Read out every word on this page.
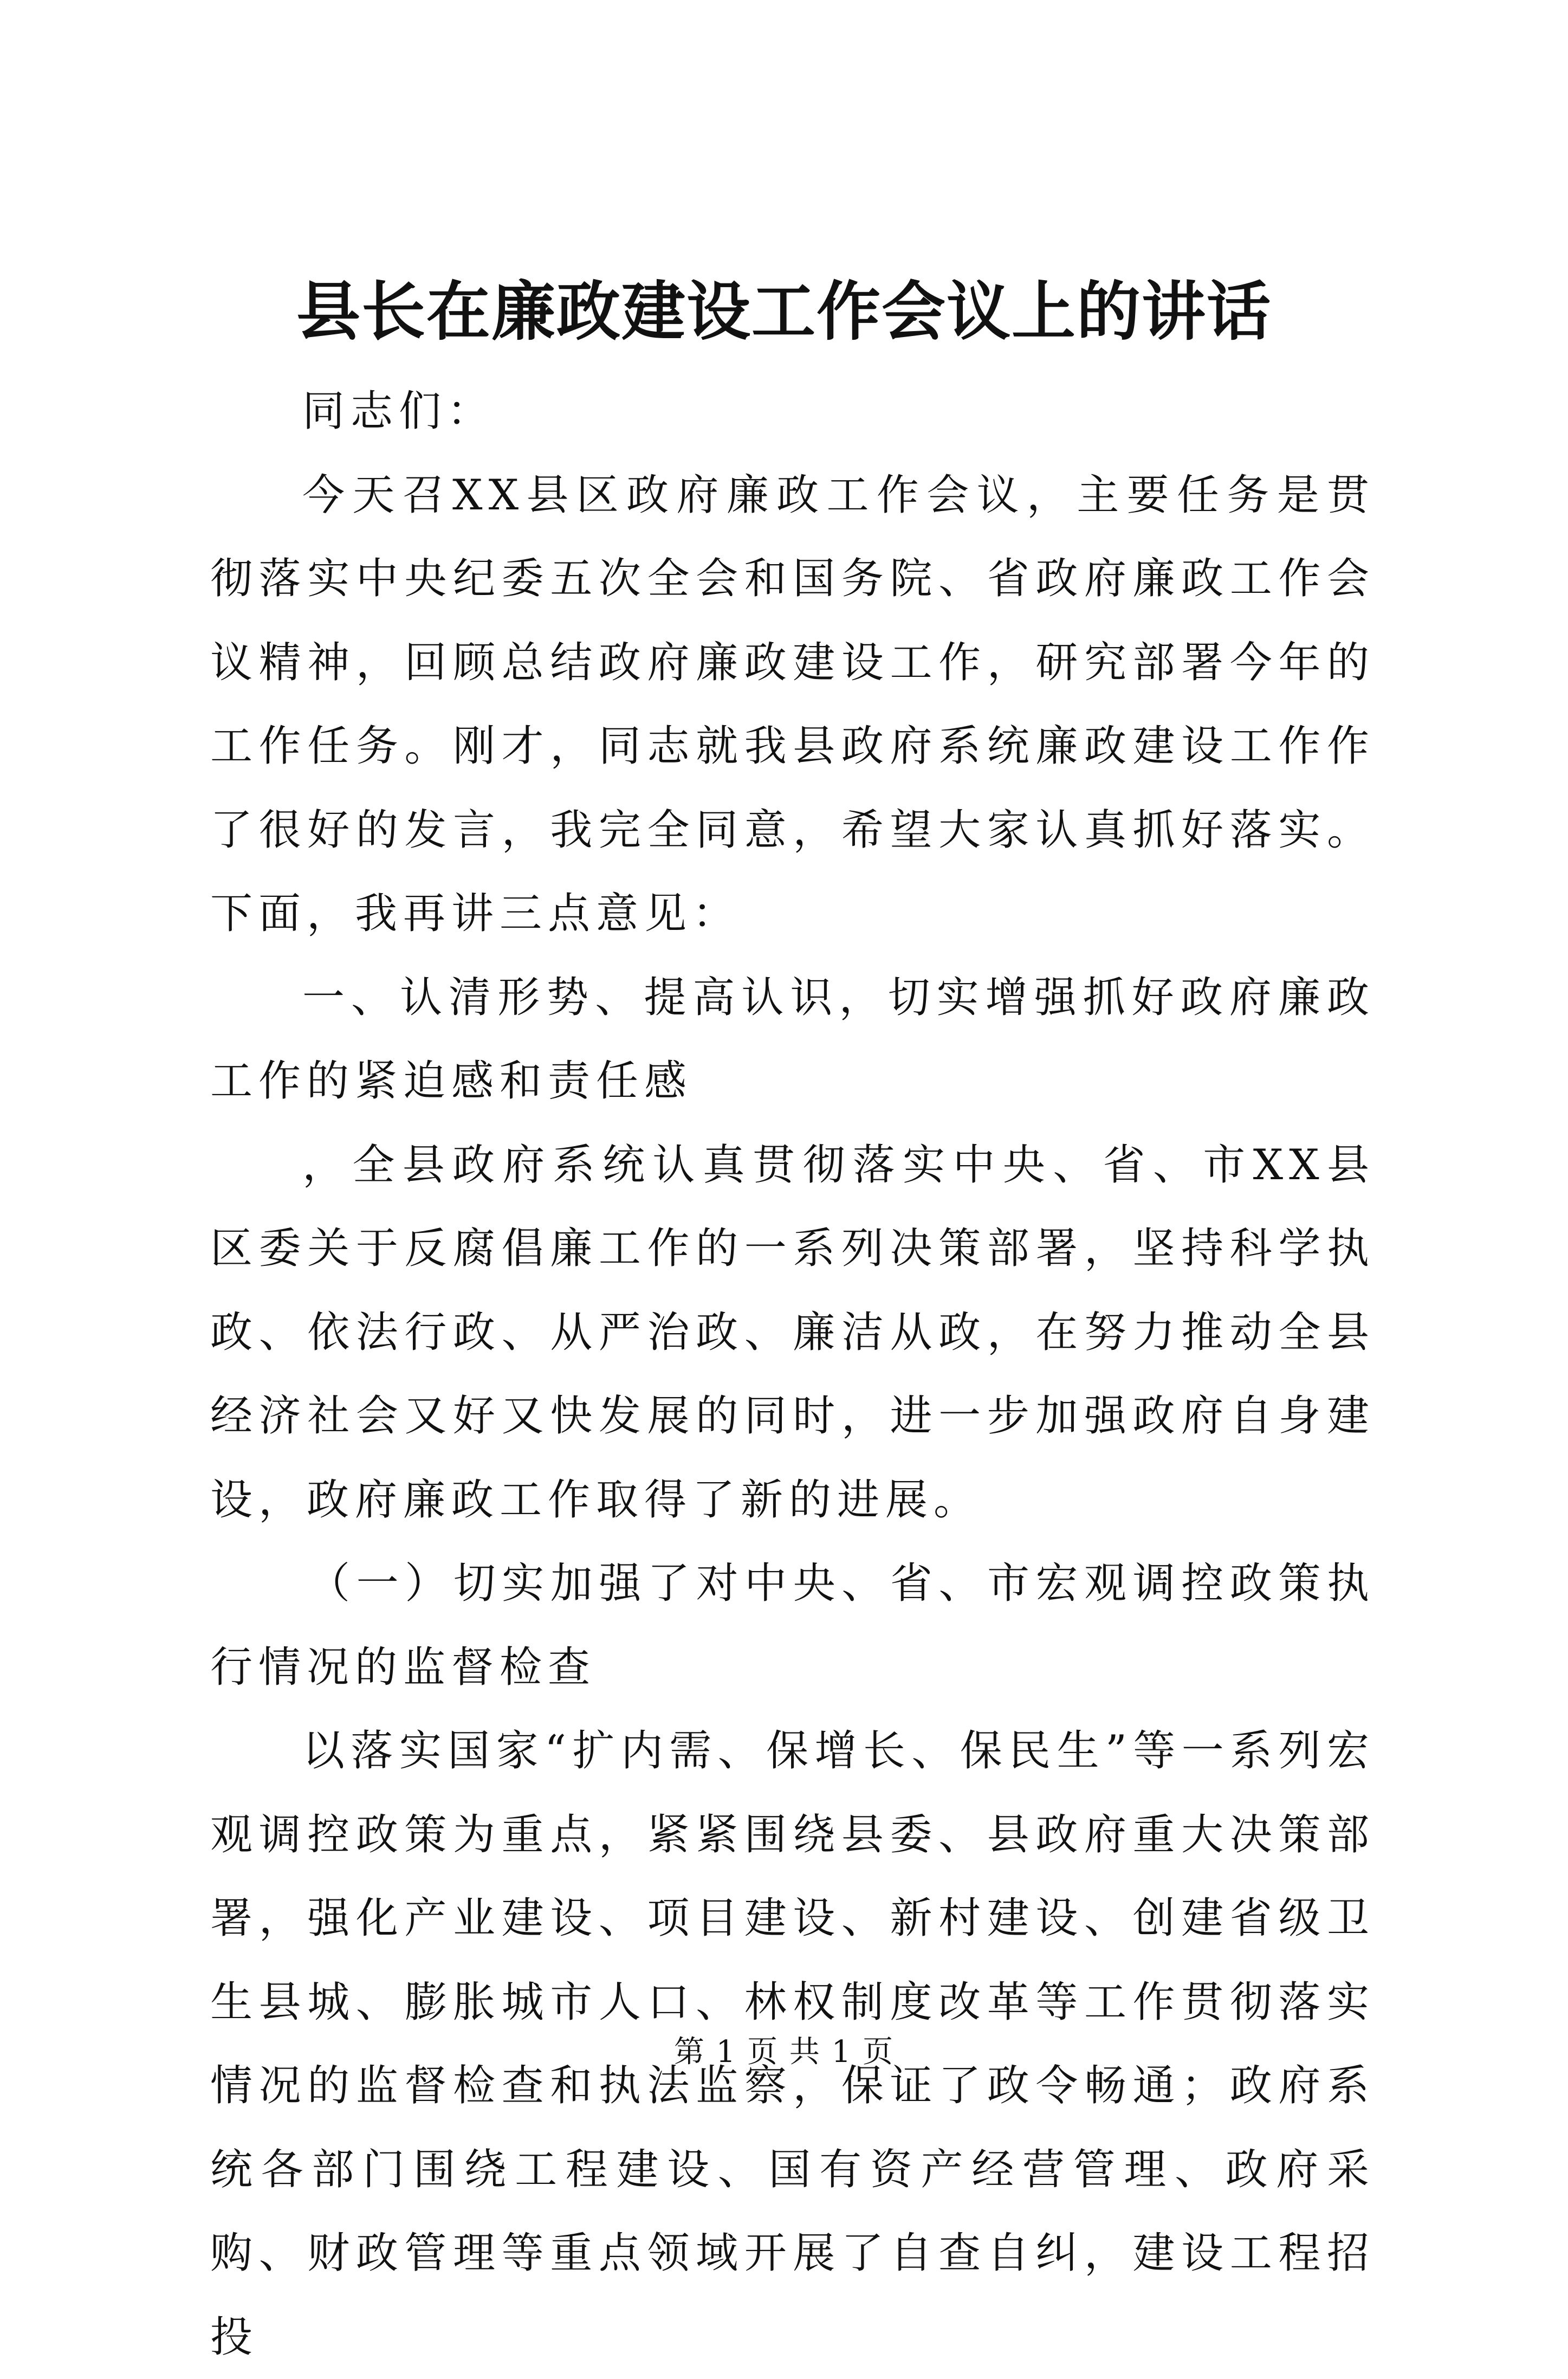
县长在廉政建设工作会议上的讲话

同志们：

今天召XX县区政府廉政工作会议，主要任务是贯彻落实中央纪委五次全会和国务院、省政府廉政工作会议精神，回顾总结政府廉政建设工作，研究部署今年的工作任务。刚才，同志就我县政府系统廉政建设工作作了很好的发言，我完全同意，希望大家认真抓好落实。下面，我再讲三点意见：

一、认清形势、提高认识，切实增强抓好政府廉政工作的紧迫感和责任感

，全县政府系统认真贯彻落实中央、省、市XX县区委关于反腐倡廉工作的一系列决策部署，坚持科学执政、依法行政、从严治政、廉洁从政，在努力推动全县经济社会又好又快发展的同时，进一步加强政府自身建设，政府廉政工作取得了新的进展。

（一）切实加强了对中央、省、市宏观调控政策执行情况的监督检查

以落实国家“扩内需、保增长、保民生”等一系列宏观调控政策为重点，紧紧围绕县委、县政府重大决策部署，强化产业建设、项目建设、新村建设、创建省级卫生县城、膨胀城市人口、林权制度改革等工作贯彻落实情况的监督检查和执法监察，保证了政令畅通；政府系统各部门围绕工程建设、国有资产经营管理、政府采购、财政管理等重点领域开展了自查自纠，建设工程招投

第 1 页 共 1 页
